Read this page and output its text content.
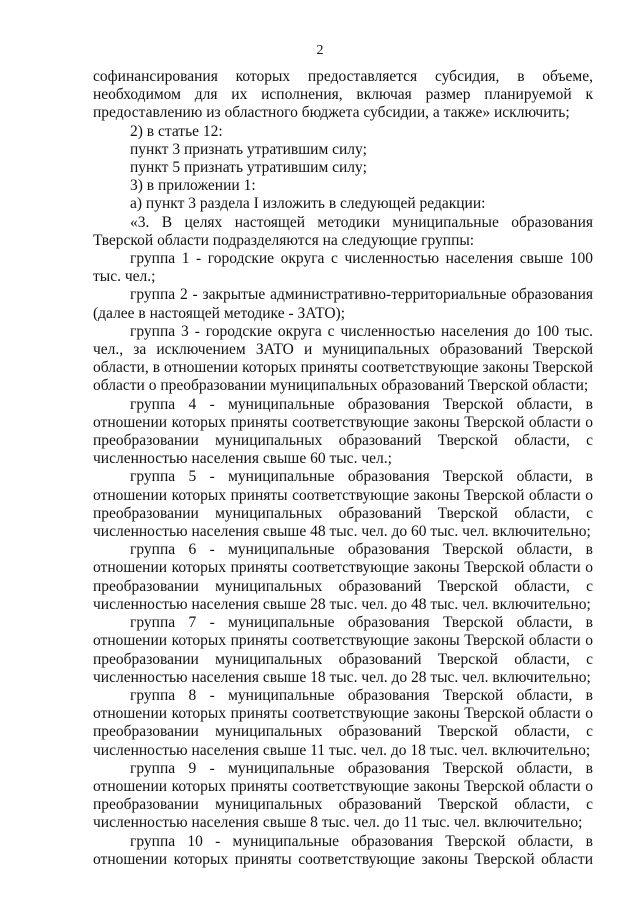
2

софинансирования которых предоставляется субсидия, в объеме, необходимом для их исполнения, включая размер планируемой к предоставлению из областного бюджета субсидии, а также» исключить;

2) в статье 12:

пункт 3 признать утратившим силу;

пункт 5 признать утратившим силу;

3) в приложении 1:

а) пункт 3 раздела I изложить в следующей редакции:

«3. В целях настоящей методики муниципальные образования Тверской области подразделяются на следующие группы:

группа 1 - городские округа с численностью населения свыше 100 тыс. чел.;

группа 2 - закрытые административно-территориальные образования (далее в настоящей методике - ЗАТО);

группа 3 - городские округа с численностью населения до 100 тыс. чел., за исключением ЗАТО и муниципальных образований Тверской области, в отношении которых приняты соответствующие законы Тверской области о преобразовании муниципальных образований Тверской области;

группа 4 - муниципальные образования Тверской области, в отношении которых приняты соответствующие законы Тверской области о преобразовании муниципальных образований Тверской области, с численностью населения свыше 60 тыс. чел.;

группа 5 - муниципальные образования Тверской области, в отношении которых приняты соответствующие законы Тверской области о преобразовании муниципальных образований Тверской области, с численностью населения свыше 48 тыс. чел. до 60 тыс. чел. включительно;

группа 6 - муниципальные образования Тверской области, в отношении которых приняты соответствующие законы Тверской области о преобразовании муниципальных образований Тверской области, с численностью населения свыше 28 тыс. чел. до 48 тыс. чел. включительно;

группа 7 - муниципальные образования Тверской области, в отношении которых приняты соответствующие законы Тверской области о преобразовании муниципальных образований Тверской области, с численностью населения свыше 18 тыс. чел. до 28 тыс. чел. включительно;

группа 8 - муниципальные образования Тверской области, в отношении которых приняты соответствующие законы Тверской области о преобразовании муниципальных образований Тверской области, с численностью населения свыше 11 тыс. чел. до 18 тыс. чел. включительно;

группа 9 - муниципальные образования Тверской области, в отношении которых приняты соответствующие законы Тверской области о преобразовании муниципальных образований Тверской области, с численностью населения свыше 8 тыс. чел. до 11 тыс. чел. включительно;

группа 10 - муниципальные образования Тверской области, в отношении которых приняты соответствующие законы Тверской области
